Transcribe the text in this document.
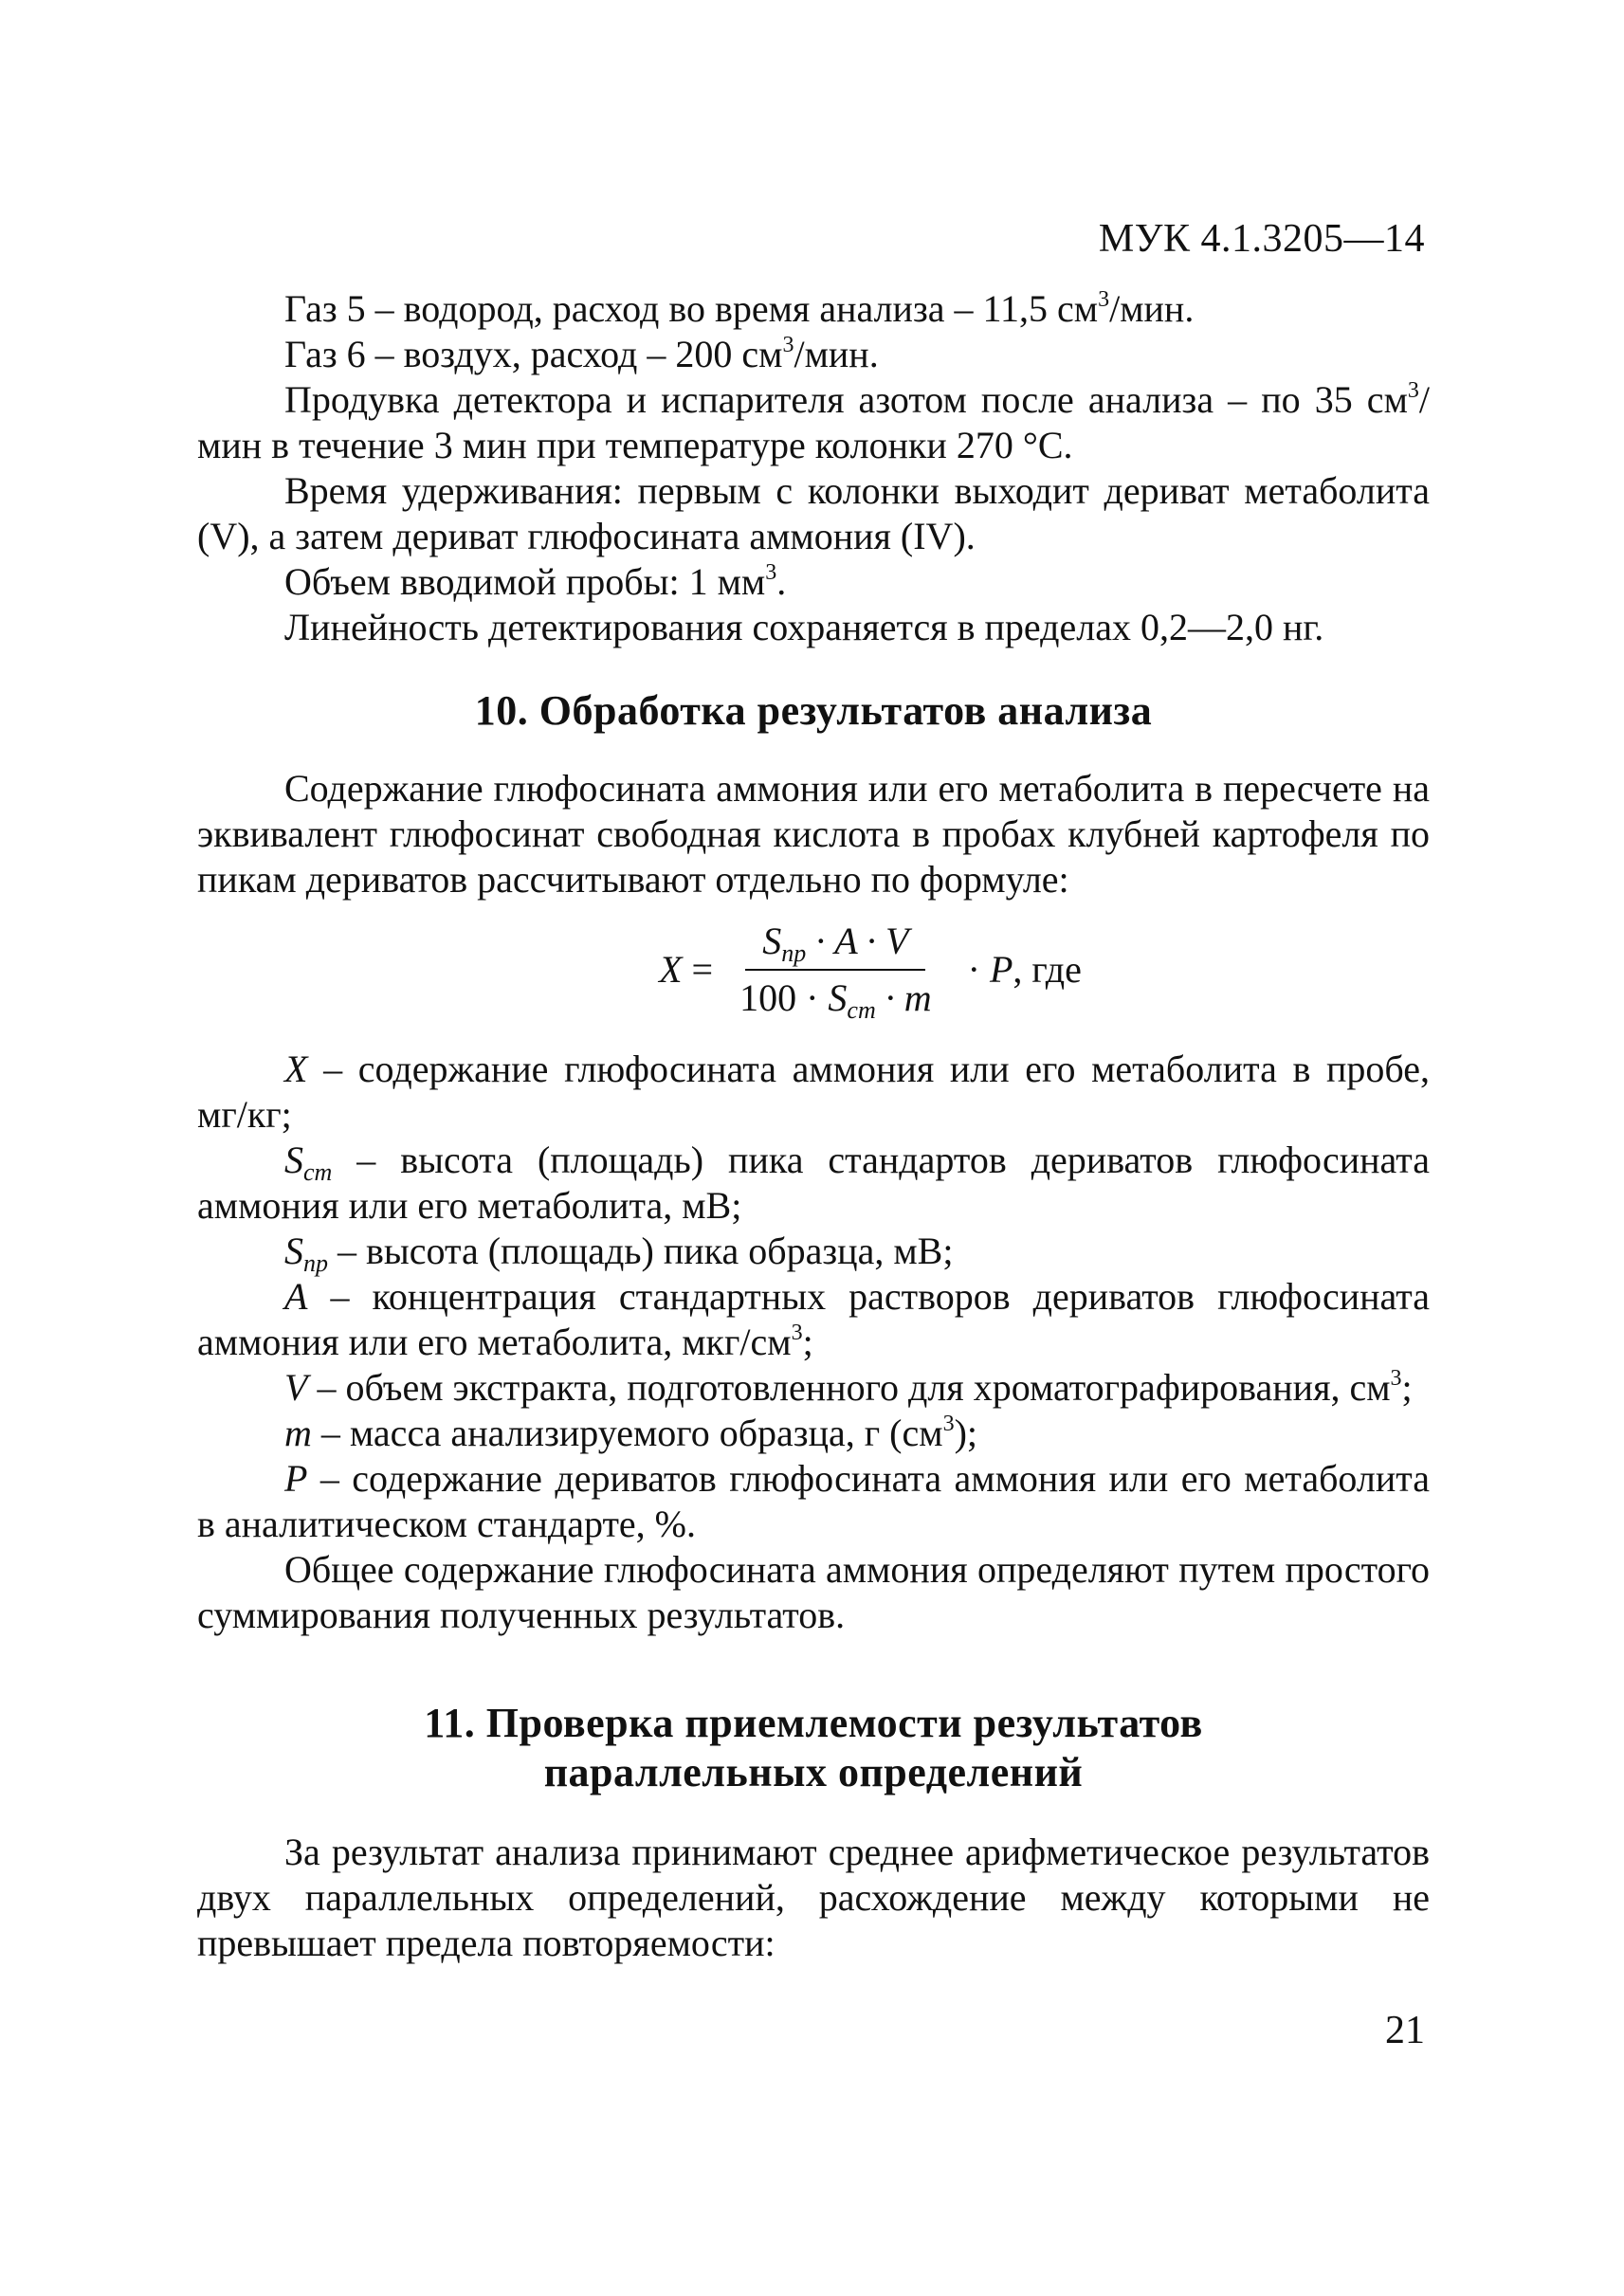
МУК 4.1.3205—14

Газ 5 – водород, расход во время анализа – 11,5 $см^3$/мин.

Газ 6 – воздух, расход – 200 $см^3$/мин.

Продувка детектора и испарителя азотом после анализа – по 35 $см^3$/мин в течение 3 мин при температуре колонки 270 °С.

Время удерживания: первым с колонки выходит дериват метаболита (V), а затем дериват глюфосината аммония (IV).

Объем вводимой пробы: 1 $мм^3$.

Линейность детектирования сохраняется в пределах 0,2—2,0 нг.

10. Обработка результатов анализа

Содержание глюфосината аммония или его метаболита в пересчете на эквивалент глюфосинат свободная кислота в пробах клубней картофеля по пикам дериватов рассчитывают отдельно по формуле:

$X = \frac{S_{пр} \cdot A \cdot V}{100 \cdot S_{ст} \cdot m} \cdot P$ , где

X – содержание глюфосината аммония или его метаболита в пробе, мг/кг;

$S_{ст}$ – высота (площадь) пика стандартов дериватов глюфосината аммония или его метаболита, мВ;

$S_{пр}$ – высота (площадь) пика образца, мВ;

A – концентрация стандартных растворов дериватов глюфосината аммония или его метаболита, мкг/$см^3$;

V – объем экстракта, подготовленного для хроматографирования, $см^3$;

m – масса анализируемого образца, г $(см^3)$;

P – содержание дериватов глюфосината аммония или его метаболита в аналитическом стандарте, %.

Общее содержание глюфосината аммония определяют путем простого суммирования полученных результатов.

11. Проверка приемлемости результатов
параллельных определений

За результат анализа принимают среднее арифметическое результатов двух параллельных определений, расхождение между которыми не превышает предела повторяемости:

21
